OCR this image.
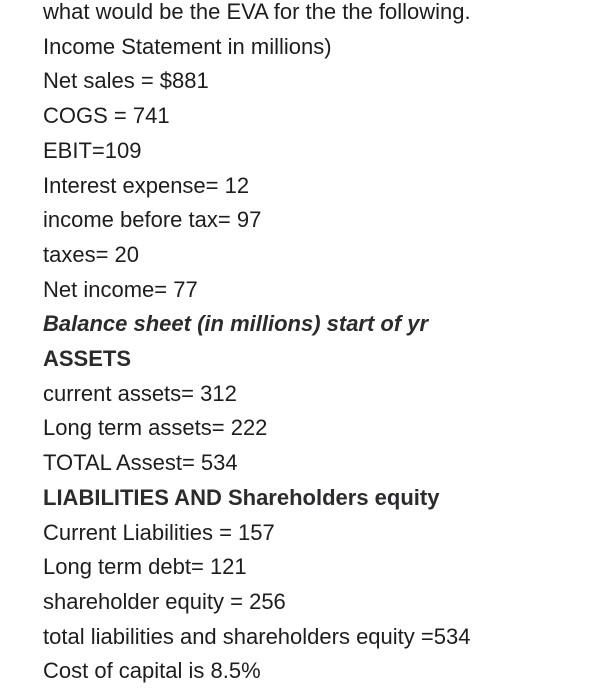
what would be the EVA for the the following.
Income Statement in millions)
Net sales = $881
COGS = 741
EBIT=109
Interest expense= 12
income before tax= 97
taxes= 20
Net income= 77
Balance sheet (in millions) start of yr
ASSETS
current assets= 312
Long term assets= 222
TOTAL Assest= 534
LIABILITIES AND Shareholders equity
Current Liabilities = 157
Long term debt= 121
shareholder equity = 256
total liabilities and shareholders equity =534
Cost of capital is 8.5%
